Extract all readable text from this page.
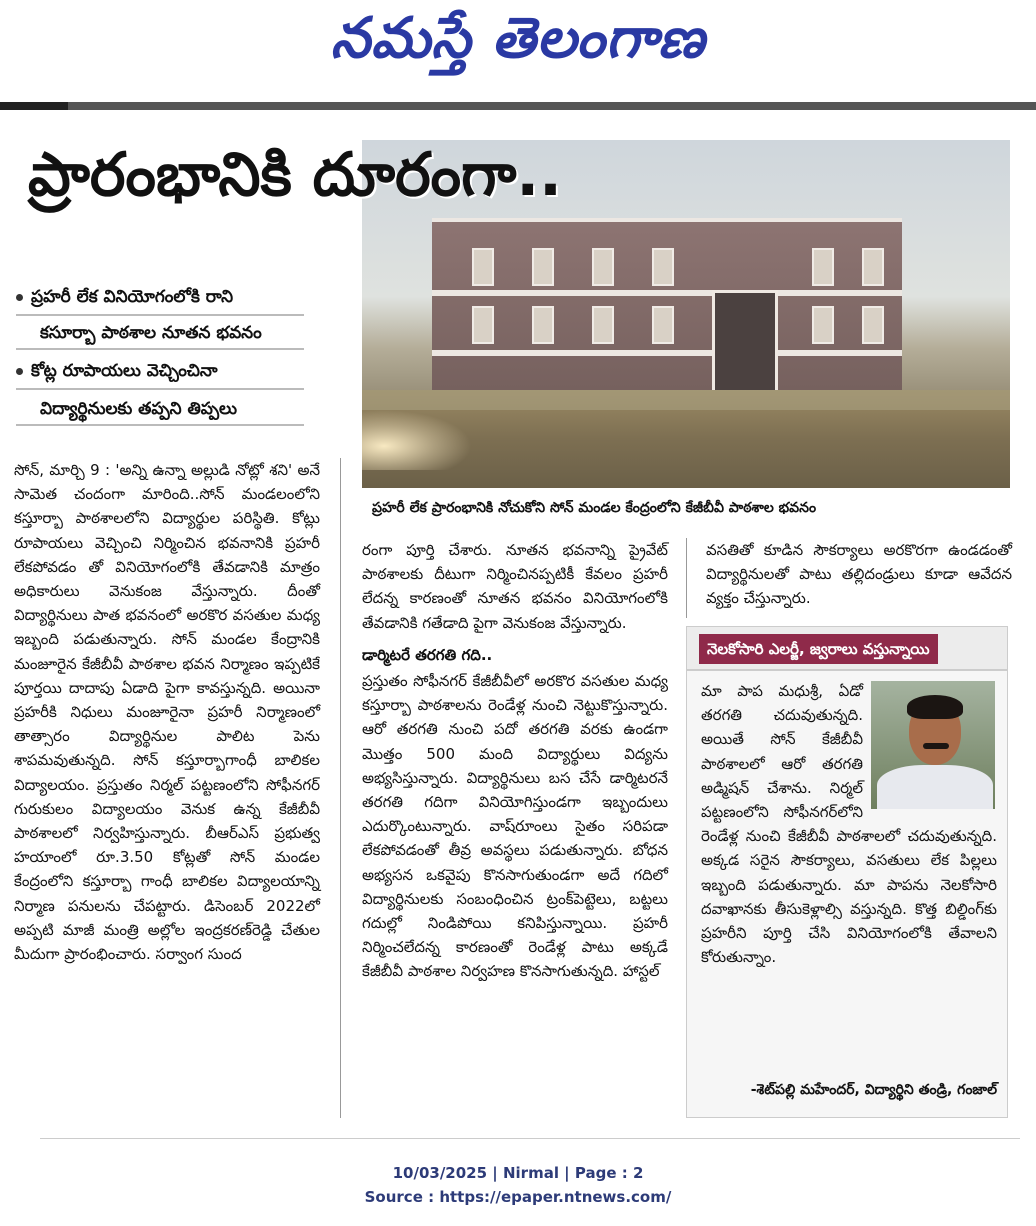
నమస్తే తెలంగాణ
ప్రారంభానికి దూరంగా..
ప్రహరీ లేక వినియోగంలోకి రాని
కసూర్బా పాఠశాల నూతన భవనం
కోట్ల రూపాయలు వెచ్చించినా
విద్యార్థినులకు తప్పని తిప్పలు
ప్రహరీ లేక ప్రారంభానికి నోచుకోని సోన్ మండల కేంద్రంలోని కేజీబీవీ పాఠశాల భవనం

సోన్, మార్చి 9 : 'అన్ని ఉన్నా అల్లుడి నోట్లో శని' అనే సామెత చందంగా మారింది..సోన్ మండలంలోని కస్తూర్బా పాఠశాలలోని విద్యార్థుల పరిస్థితి. కోట్లు రూపాయలు వెచ్చించి నిర్మించిన భవనానికి ప్రహరీ లేకపోవడం తో వినియోగంలోకి తేవడానికి మాత్రం అధికారులు వెనుకంజ వేస్తున్నారు. దీంతో విద్యార్థినులు పాత భవనంలో అరకొర వసతుల మధ్య ఇబ్బంది పడుతున్నారు. సోన్ మండల కేంద్రానికి మంజూరైన కేజీబీవీ పాఠశాల భవన నిర్మాణం ఇప్పటికే పూర్తయి దాదాపు ఏడాది పైగా కావస్తున్నది. అయినా ప్రహరీకి నిధులు మంజూరైనా ప్రహరీ నిర్మాణంలో తాత్సారం విద్యార్థినుల పాలిట పెను శాపమవుతున్నది. సోన్ కస్తూర్బాగాంధీ బాలికల విద్యాలయం. ప్రస్తుతం నిర్మల్ పట్టణంలోని సోఫీనగర్ గురుకులం విద్యాలయం వెనుక ఉన్న కేజీబీవీ పాఠశాలలో నిర్వహిస్తున్నారు. బీఆర్ఎస్ ప్రభుత్వ హయాంలో రూ.3.50 కోట్లతో సోన్ మండల కేంద్రంలోని కస్తూర్బా గాంధీ బాలికల విద్యాలయాన్ని నిర్మాణ పనులను చేపట్టారు. డిసెంబర్ 2022లో అప్పటి మాజీ మంత్రి అల్లోల ఇంద్రకరణ్‌రెడ్డి చేతుల మీదుగా ప్రారంభించారు. సర్వాంగ సుంద

రంగా పూర్తి చేశారు. నూతన భవనాన్ని ప్రైవేట్ పాఠశాలకు దీటుగా నిర్మించినప్పటికీ కేవలం ప్రహరీ లేదన్న కారణంతో నూతన భవనం వినియోగంలోకి తేవడానికి గతేడాది పైగా వెనుకంజ వేస్తున్నారు.

డార్మిటరే తరగతి గది..

ప్రస్తుతం సోఫీనగర్ కేజీబీవీలో అరకొర వసతుల మధ్య కస్తూర్బా పాఠశాలను రెండేళ్ల నుంచి నెట్టుకొస్తున్నారు. ఆరో తరగతి నుంచి పదో తరగతి వరకు ఉండగా మొత్తం 500 మంది విద్యార్థులు విద్యను అభ్యసిస్తున్నారు. విద్యార్థినులు బస చేసే డార్మిటరనే తరగతి గదిగా వినియోగిస్తుండగా ఇబ్బందులు ఎదుర్కొంటున్నారు. వాష్‌రూంలు సైతం సరిపడా లేకపోవడంతో తీవ్ర అవస్థలు పడుతున్నారు. బోధన అభ్యసన ఒకవైపు కొనసాగుతుండగా అదే గదిలో విద్యార్థినులకు సంబంధించిన ట్రంక్‌పెట్టెలు, బట్టలు గదుల్లో నిండిపోయి కనిపిస్తున్నాయి. ప్రహరీ నిర్మించలేదన్న కారణంతో రెండేళ్ల పాటు అక్కడే కేజీబీవీ పాఠశాల నిర్వహణ కొనసాగుతున్నది. హాస్టల్

వసతితో కూడిన సౌకర్యాలు అరకొరగా ఉండడంతో విద్యార్థినులతో పాటు తల్లిదండ్రులు కూడా ఆవేదన వ్యక్తం చేస్తున్నారు.

నెలకోసారి ఎలర్జీ, జ్వరాలు వస్తున్నాయి
మా పాప మధుశ్రీ, ఏడో తరగతి చదువుతున్నది. అయితే సోన్ కేజీబీవీ పాఠశాలలో ఆరో తరగతి అడ్మిషన్ చేశాను. నిర్మల్ పట్టణంలోని సోఫీనగర్‌లోని రెండేళ్ల నుంచి కేజీబీవీ పాఠశాలలో చదువుతున్నది. అక్కడ సరైన సౌకర్యాలు, వసతులు లేక పిల్లలు ఇబ్బంది పడుతున్నారు. మా పాపను నెలకోసారి దవాఖానకు తీసుకెళ్లాల్సి వస్తున్నది. కొత్త బిల్డింగ్‌కు ప్రహరీని పూర్తి చేసి వినియోగంలోకి తేవాలని కోరుతున్నాం.
-శెట్‌పల్లి మహేందర్, విద్యార్థిని తండ్రి, గంజాల్
10/03/2025 | Nirmal | Page : 2
Source : https://epaper.ntnews.com/
